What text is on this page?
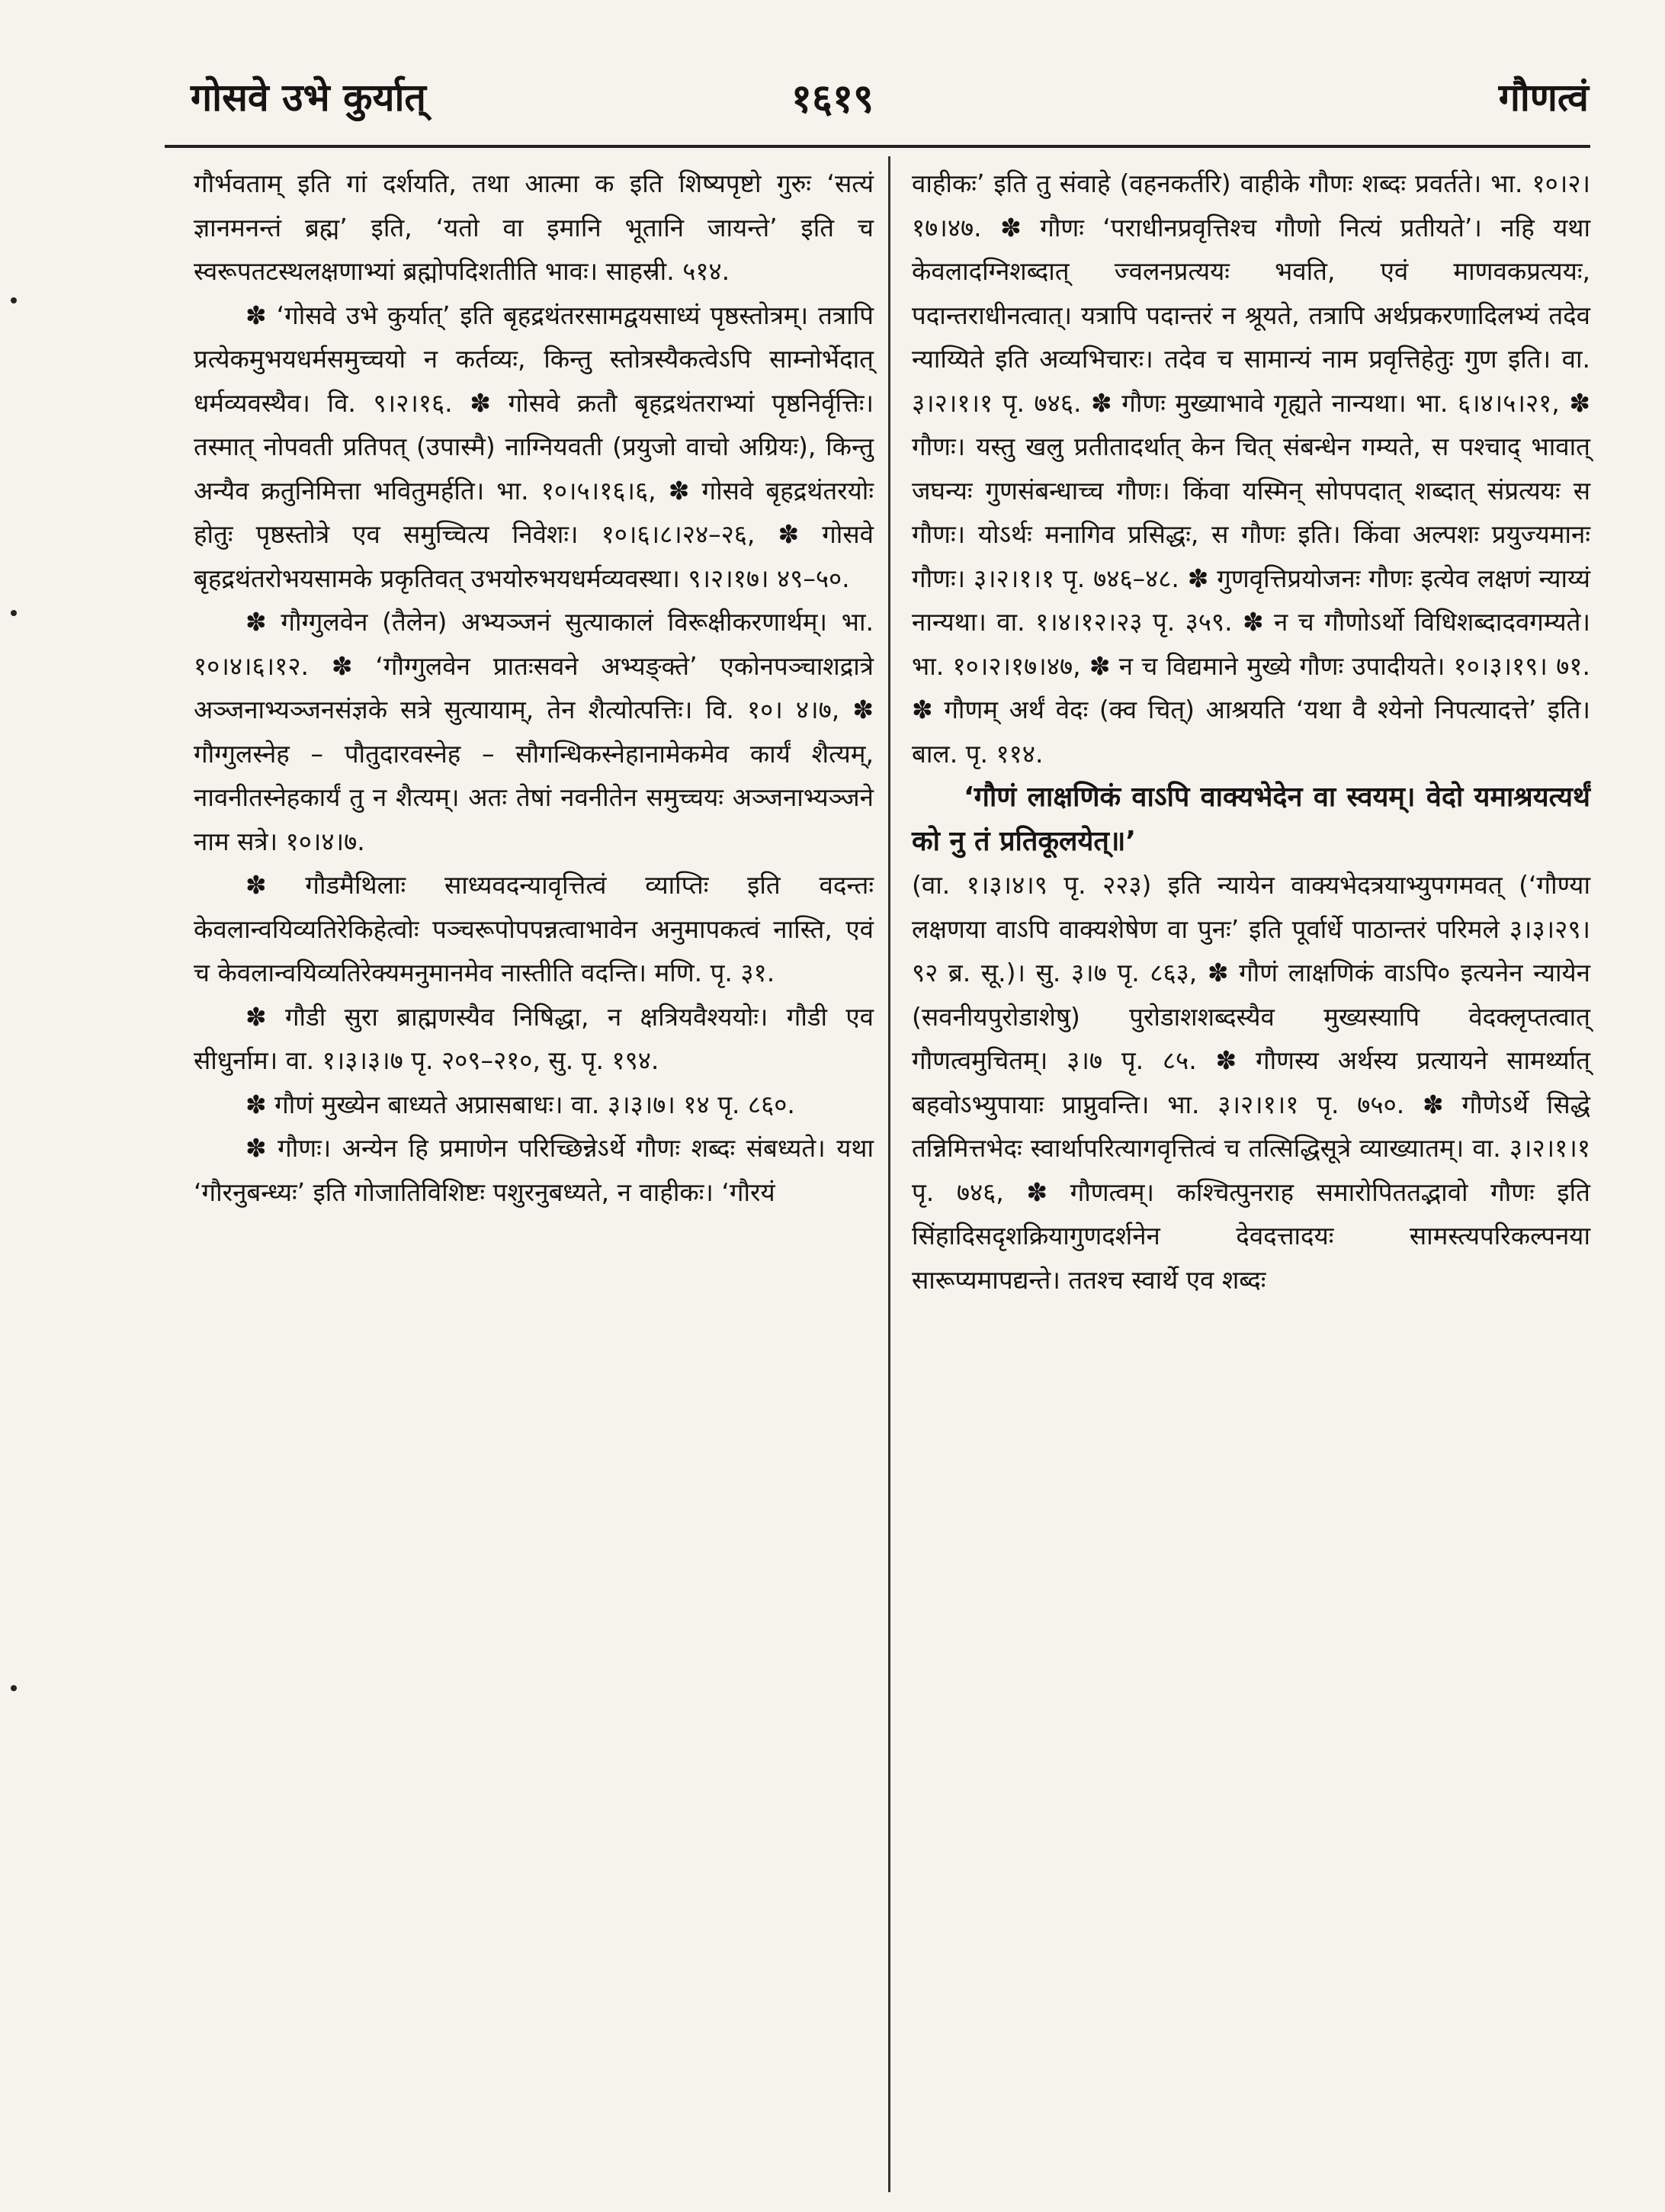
गोसवे उभे कुर्यात्	१६१९	गौणत्वं

गौर्भवताम् इति गां दर्शयति, तथा आत्मा क इति शिष्यपृष्टो गुरुः ‘सत्यं ज्ञानमनन्तं ब्रह्म’ इति, ‘यतो वा इमानि भूतानि जायन्ते’ इति च स्वरूपतटस्थलक्षणाभ्यां ब्रह्मोपदिशतीति भावः। साहस्री. ५१४.

✽ ‘गोसवे उभे कुर्यात्’ इति बृहद्रथंतरसामद्वयसाध्यं पृष्ठस्तोत्रम्। तत्रापि प्रत्येकमुभयधर्मसमुच्चयो न कर्तव्यः, किन्तु स्तोत्रस्यैकत्वेऽपि साम्नोर्भेदात् धर्मव्यवस्थैव। वि. ९।२।१६. ✽ गोसवे क्रतौ बृहद्रथंतराभ्यां पृष्ठनिर्वृत्तिः। तस्मात् नोपवती प्रतिपत् (उपास्मै) नाग्नियवती (प्रयुजो वाचो अग्रियः), किन्तु अन्यैव क्रतुनिमित्ता भवितुमर्हति। भा. १०।५।१६।६, ✽ गोसवे बृहद्रथंतरयोः होतुः पृष्ठस्तोत्रे एव समुच्चित्य निवेशः। १०।६।८।२४–२६, ✽ गोसवे बृहद्रथंतरोभयसामके प्रकृतिवत् उभयोरुभयधर्मव्यवस्था। ९।२।१७। ४९–५०.

✽ गौग्गुलवेन (तैलेन) अभ्यञ्जनं सुत्याकालं विरूक्षीकरणार्थम्। भा. १०।४।६।१२. ✽ ‘गौग्गुलवेन प्रातःसवने अभ्यङ्क्ते’ एकोनपञ्चाशद्रात्रे अञ्जनाभ्यञ्जनसंज्ञके सत्रे सुत्यायाम्, तेन शैत्योत्पत्तिः। वि. १०। ४।७, ✽ गौग्गुलस्नेह – पौतुदारवस्नेह – सौगन्धिकस्नेहानामेकमेव कार्यं शैत्यम्, नावनीतस्नेहकार्यं तु न शैत्यम्। अतः तेषां नवनीतेन समुच्चयः अञ्जनाभ्यञ्जने नाम सत्रे। १०।४।७.

✽ गौडमैथिलाः साध्यवदन्यावृत्तित्वं व्याप्तिः इति वदन्तः केवलान्वयिव्यतिरेकिहेत्वोः पञ्चरूपोपपन्नत्वाभावेन अनुमापकत्वं नास्ति, एवं च केवलान्वयिव्यतिरेक्यमनुमानमेव नास्तीति वदन्ति। मणि. पृ. ३१.

✽ गौडी सुरा ब्राह्मणस्यैव निषिद्धा, न क्षत्रियवैश्ययोः। गौडी एव सीधुर्नाम। वा. १।३।३।७ पृ. २०९–२१०, सु. पृ. १९४.

✽ गौणं मुख्येन बाध्यते अप्रासबाधः। वा. ३।३।७। १४ पृ. ८६०.

✽ गौणः। अन्येन हि प्रमाणेन परिच्छिन्नेऽर्थे गौणः शब्दः संबध्यते। यथा ‘गौरनुबन्ध्यः’ इति गोजातिविशिष्टः पशुरनुबध्यते, न वाहीकः। ‘गौरयं

वाहीकः’ इति तु संवाहे (वहनकर्तरि) वाहीके गौणः शब्दः प्रवर्तते। भा. १०।२।१७।४७. ✽ गौणः ‘पराधीनप्रवृत्तिश्च गौणो नित्यं प्रतीयते’। नहि यथा केवलादग्निशब्दात् ज्वलनप्रत्ययः भवति, एवं माणवकप्रत्ययः, पदान्तराधीनत्वात्। यत्रापि पदान्तरं न श्रूयते, तत्रापि अर्थप्रकरणादिलभ्यं तदेव न्याय्यिते इति अव्यभिचारः। तदेव च सामान्यं नाम प्रवृत्तिहेतुः गुण इति। वा. ३।२।१।१ पृ. ७४६. ✽ गौणः मुख्याभावे गृह्यते नान्यथा। भा. ६।४।५।२१, ✽ गौणः। यस्तु खलु प्रतीतादर्थात् केन चित् संबन्धेन गम्यते, स पश्चाद् भावात् जघन्यः गुणसंबन्धाच्च गौणः। किंवा यस्मिन् सोपपदात् शब्दात् संप्रत्ययः स गौणः। योऽर्थः मनागिव प्रसिद्धः, स गौणः इति। किंवा अल्पशः प्रयुज्यमानः गौणः। ३।२।१।१ पृ. ७४६–४८. ✽ गुणवृत्तिप्रयोजनः गौणः इत्येव लक्षणं न्याय्यं नान्यथा। वा. १।४।१२।२३ पृ. ३५९. ✽ न च गौणोऽर्थो विधिशब्दादवगम्यते। भा. १०।२।१७।४७, ✽ न च विद्यमाने मुख्ये गौणः उपादीयते। १०।३।१९। ७१. ✽ गौणम् अर्थं वेदः (क्व चित्) आश्रयति ‘यथा वै श्येनो निपत्यादत्ते’ इति। बाल. पृ. ११४.

‘गौणं लाक्षणिकं वाऽपि वाक्यभेदेन वा स्वयम्। वेदो यमाश्रयत्यर्थं को नु तं प्रतिकूलयेत्॥’

(वा. १।३।४।९ पृ. २२३) इति न्यायेन वाक्यभेदत्रयाभ्युपगमवत् (‘गौण्या लक्षणया वाऽपि वाक्यशेषेण वा पुनः’ इति पूर्वार्धे पाठान्तरं परिमले ३।३।२९।९२ ब्र. सू.)। सु. ३।७ पृ. ८६३, ✽ गौणं लाक्षणिकं वाऽपि० इत्यनेन न्यायेन (सवनीयपुरोडाशेषु) पुरोडाशशब्दस्यैव मुख्यस्यापि वेदक्लृप्तत्वात् गौणत्वमुचितम्। ३।७ पृ. ८५. ✽ गौणस्य अर्थस्य प्रत्यायने सामर्थ्यात् बहवोऽभ्युपायाः प्राप्नुवन्ति। भा. ३।२।१।१ पृ. ७५०. ✽ गौणेऽर्थे सिद्धे तन्निमित्तभेदः स्वार्थापरित्यागवृत्तित्वं च तत्सिद्धिसूत्रे व्याख्यातम्। वा. ३।२।१।१ पृ. ७४६, ✽ गौणत्वम्। कश्चित्पुनराह समारोपिततद्भावो गौणः इति सिंहादिसदृशक्रियागुणदर्शनेन देवदत्तादयः सामस्त्यपरिकल्पनया सारूप्यमापद्यन्ते। ततश्च स्वार्थे एव शब्दः
